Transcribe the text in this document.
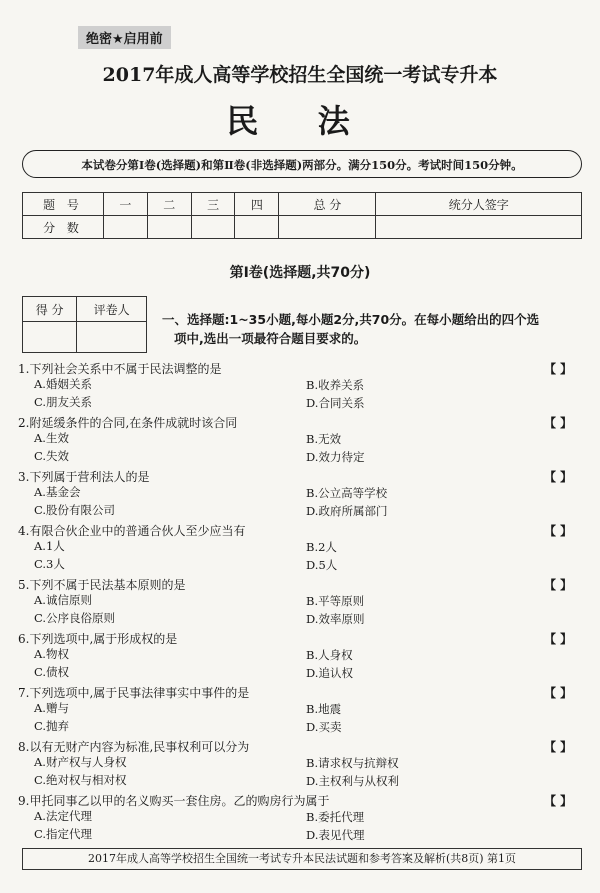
绝密★启用前
2017年成人高等学校招生全国统一考试专升本
民 法
本试卷分第Ⅰ卷(选择题)和第Ⅱ卷(非选择题)两部分。满分150分。考试时间150分钟。
题 号	一	二	三	四	总 分	统分人签字
分 数						
第Ⅰ卷(选择题,共70分)
得 分	评卷人

一、选择题:1~35小题,每小题2分,共70分。在每小题给出的四个选
项中,选出一项最符合题目要求的。
1.下列社会关系中不属于民法调整的是	【 】
A.婚姻关系	B.收养关系
C.朋友关系	D.合同关系
2.附延缓条件的合同,在条件成就时该合同	【 】
A.生效	B.无效
C.失效	D.效力待定
3.下列属于营利法人的是	【 】
A.基金会	B.公立高等学校
C.股份有限公司	D.政府所属部门
4.有限合伙企业中的普通合伙人至少应当有	【 】
A.1人	B.2人
C.3人	D.5人
5.下列不属于民法基本原则的是	【 】
A.诚信原则	B.平等原则
C.公序良俗原则	D.效率原则
6.下列选项中,属于形成权的是	【 】
A.物权	B.人身权
C.债权	D.追认权
7.下列选项中,属于民事法律事实中事件的是	【 】
A.赠与	B.地震
C.抛弃	D.买卖
8.以有无财产内容为标准,民事权利可以分为	【 】
A.财产权与人身权	B.请求权与抗辩权
C.绝对权与相对权	D.主权利与从权利
9.甲托同事乙以甲的名义购买一套住房。乙的购房行为属于	【 】
A.法定代理	B.委托代理
C.指定代理	D.表见代理
2017年成人高等学校招生全国统一考试专升本民法试题和参考答案及解析(共8页) 第1页
